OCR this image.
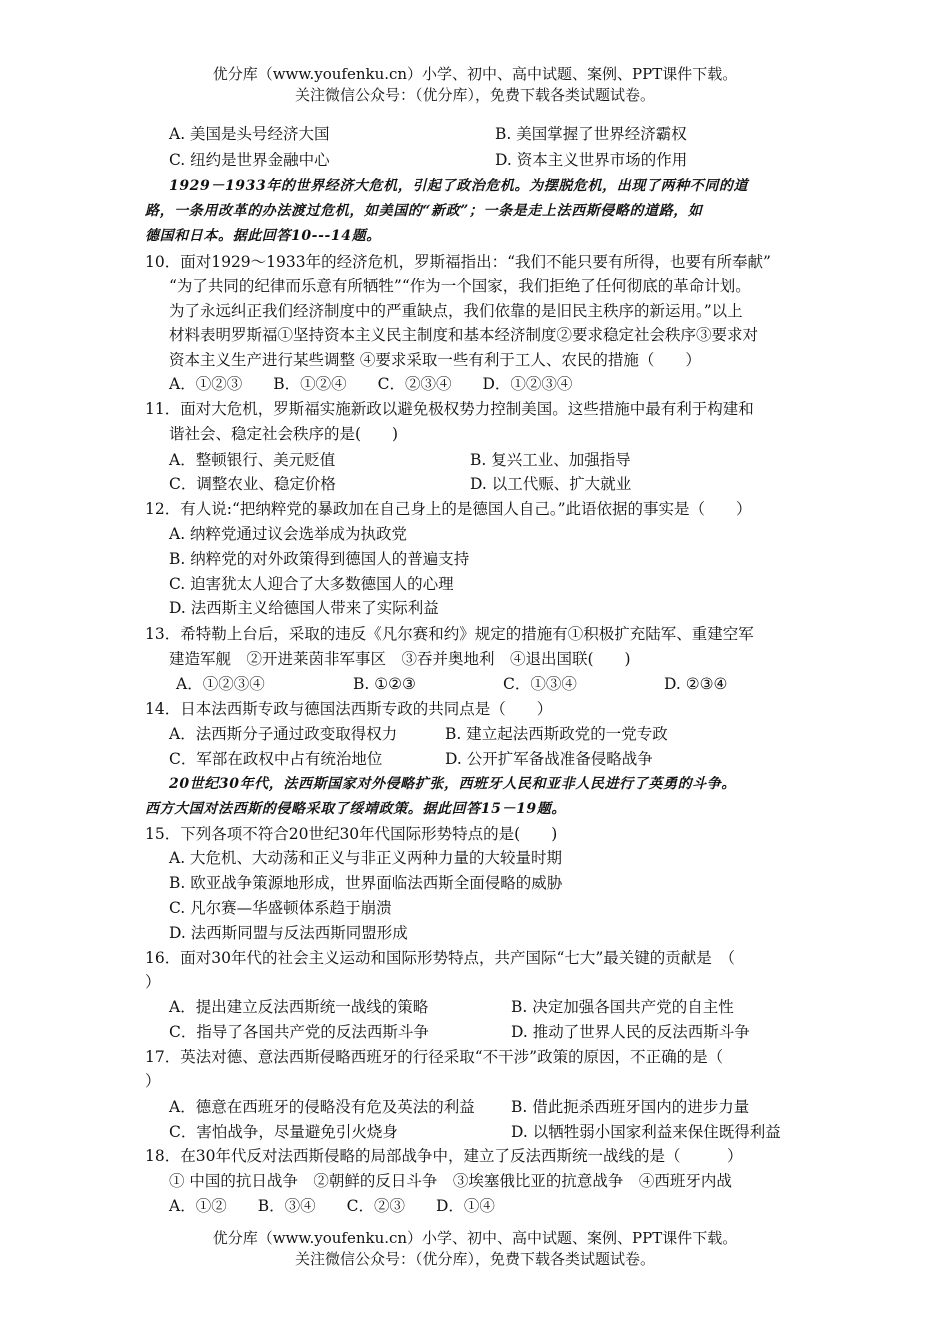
优分库（www.youfenku.cn）小学、初中、高中试题、案例、PPT课件下载。
关注微信公众号：（优分库），免费下载各类试题试卷。
A. 美国是头号经济大国	B. 美国掌握了世界经济霸权
C. 纽约是世界金融中心	D. 资本主义世界市场的作用
1929－1933年的世界经济大危机，引起了政治危机。为摆脱危机，出现了两种不同的道
路，一条用改革的办法渡过危机，如美国的“新政”；一条是走上法西斯侵略的道路，如
德国和日本。据此回答10---14题。
10．面对1929～1933年的经济危机，罗斯福指出：“我们不能只要有所得，也要有所奉献”
“为了共同的纪律而乐意有所牺牲”“作为一个国家，我们拒绝了任何彻底的革命计划。
为了永远纠正我们经济制度中的严重缺点，我们依靠的是旧民主秩序的新运用。”以上
材料表明罗斯福①坚持资本主义民主制度和基本经济制度②要求稳定社会秩序③要求对
资本主义生产进行某些调整 ④要求采取一些有利于工人、农民的措施（　　）
A．①②③　　B．①②④　　C．②③④　　D．①②③④
11．面对大危机，罗斯福实施新政以避免极权势力控制美国。这些措施中最有利于构建和
谐社会、稳定社会秩序的是(　　)
A．整顿银行、美元贬值	B. 复兴工业、加强指导
C．调整农业、稳定价格	D. 以工代赈、扩大就业
12．有人说:“把纳粹党的暴政加在自己身上的是德国人自己。”此语依据的事实是（　　）
A. 纳粹党通过议会选举成为执政党
B. 纳粹党的对外政策得到德国人的普遍支持
C. 迫害犹太人迎合了大多数德国人的心理
D. 法西斯主义给德国人带来了实际利益
13．希特勒上台后，采取的违反《凡尔赛和约》规定的措施有①积极扩充陆军、重建空军
建造军舰　②开进莱茵非军事区　③吞并奥地利　④退出国联(　　)
A．①②③④	B. ①②③	C．①③④	D. ②③④
14．日本法西斯专政与德国法西斯专政的共同点是（　　）
A．法西斯分子通过政变取得权力	B. 建立起法西斯政党的一党专政
C．军部在政权中占有统治地位	D. 公开扩军备战准备侵略战争
20世纪30年代，法西斯国家对外侵略扩张，西班牙人民和亚非人民进行了英勇的斗争。
西方大国对法西斯的侵略采取了绥靖政策。据此回答15－19题。
15．下列各项不符合20世纪30年代国际形势特点的是(　　)
A. 大危机、大动荡和正义与非正义两种力量的大较量时期
B. 欧亚战争策源地形成，世界面临法西斯全面侵略的威胁
C. 凡尔赛—华盛顿体系趋于崩溃
D. 法西斯同盟与反法西斯同盟形成
16．面对30年代的社会主义运动和国际形势特点，共产国际“七大”最关键的贡献是　（
）
A．提出建立反法西斯统一战线的策略	B. 决定加强各国共产党的自主性
C．指导了各国共产党的反法西斯斗争	D. 推动了世界人民的反法西斯斗争
17．英法对德、意法西斯侵略西班牙的行径采取“不干涉”政策的原因，不正确的是（
）
A．德意在西班牙的侵略没有危及英法的利益 B. 借此扼杀西班牙国内的进步力量
C．害怕战争，尽量避免引火烧身	D. 以牺牲弱小国家利益来保住既得利益
18．在30年代反对法西斯侵略的局部战争中，建立了反法西斯统一战线的是（　　　）
① 中国的抗日战争　②朝鲜的反日斗争　③埃塞俄比亚的抗意战争　④西班牙内战
A．①②　　B．③④　　C．②③　　D．①④
优分库（www.youfenku.cn）小学、初中、高中试题、案例、PPT课件下载。
关注微信公众号：（优分库），免费下载各类试题试卷。
